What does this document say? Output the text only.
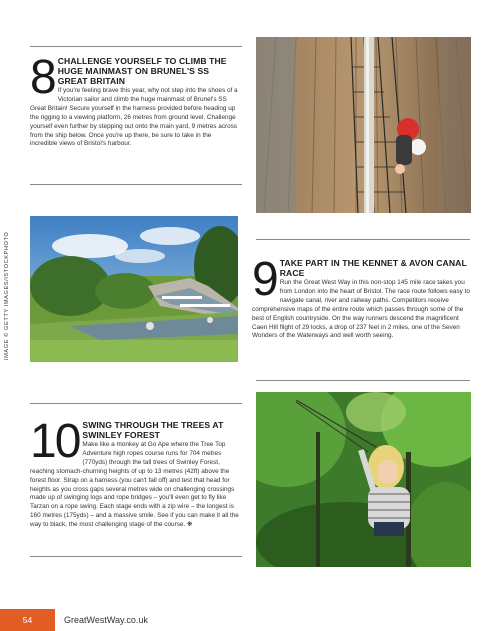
8 CHALLENGE YOURSELF TO CLIMB THE HUGE MAINMAST ON BRUNEL'S SS GREAT BRITAIN

If you're feeling brave this year, why not step into the shoes of a Victorian sailor and climb the huge mainmast of Brunel's SS Great Britain! Secure yourself in the harness provided before heading up the rigging to a viewing platform, 26 metres from ground level. Challenge yourself even further by stepping out onto the main yard, 9 metres across from the ship below. Once you're up there, be sure to take in the incredible views of Bristol's harbour.

IMAGE © GETTY IMAGES/ISTOCKPHOTO	9 TAKE PART IN THE KENNET & AVON CANAL RACE

Run the Great West Way in this non-stop 145 mile race takes you from London into the heart of Bristol. The race route follows easy to navigate canal, river and railway paths. Competitors receive comprehensive maps of the entire route which passes through some of the best of English countryside. On the way runners descend the magnificent Caen Hill flight of 29 locks, a drop of 237 feet in 2 miles, one of the Seven Wonders of the Waterways and well worth seeing.

10 SWING THROUGH THE TREES AT SWINLEY FOREST

Make like a monkey at Go Ape where the Tree Top Adventure high ropes course runs for 704 metres (770yds) through the tall trees of Swinley Forest, reaching stomach-churning heights of up to 13 metres (42ft) above the forest floor. Strap on a harness (you can't fall off) and test that head for heights as you cross gaps several metres wide on challenging crossings made up of swinging logs and rope bridges – you'll even get to fly like Tarzan on a rope swing. Each stage ends with a zip wire – the longest is 160 metres (175yds) – and a massive smile. See if you can make it all the way to black, the most challenging stage of the course. ❋

54	GreatWestWay.co.uk
